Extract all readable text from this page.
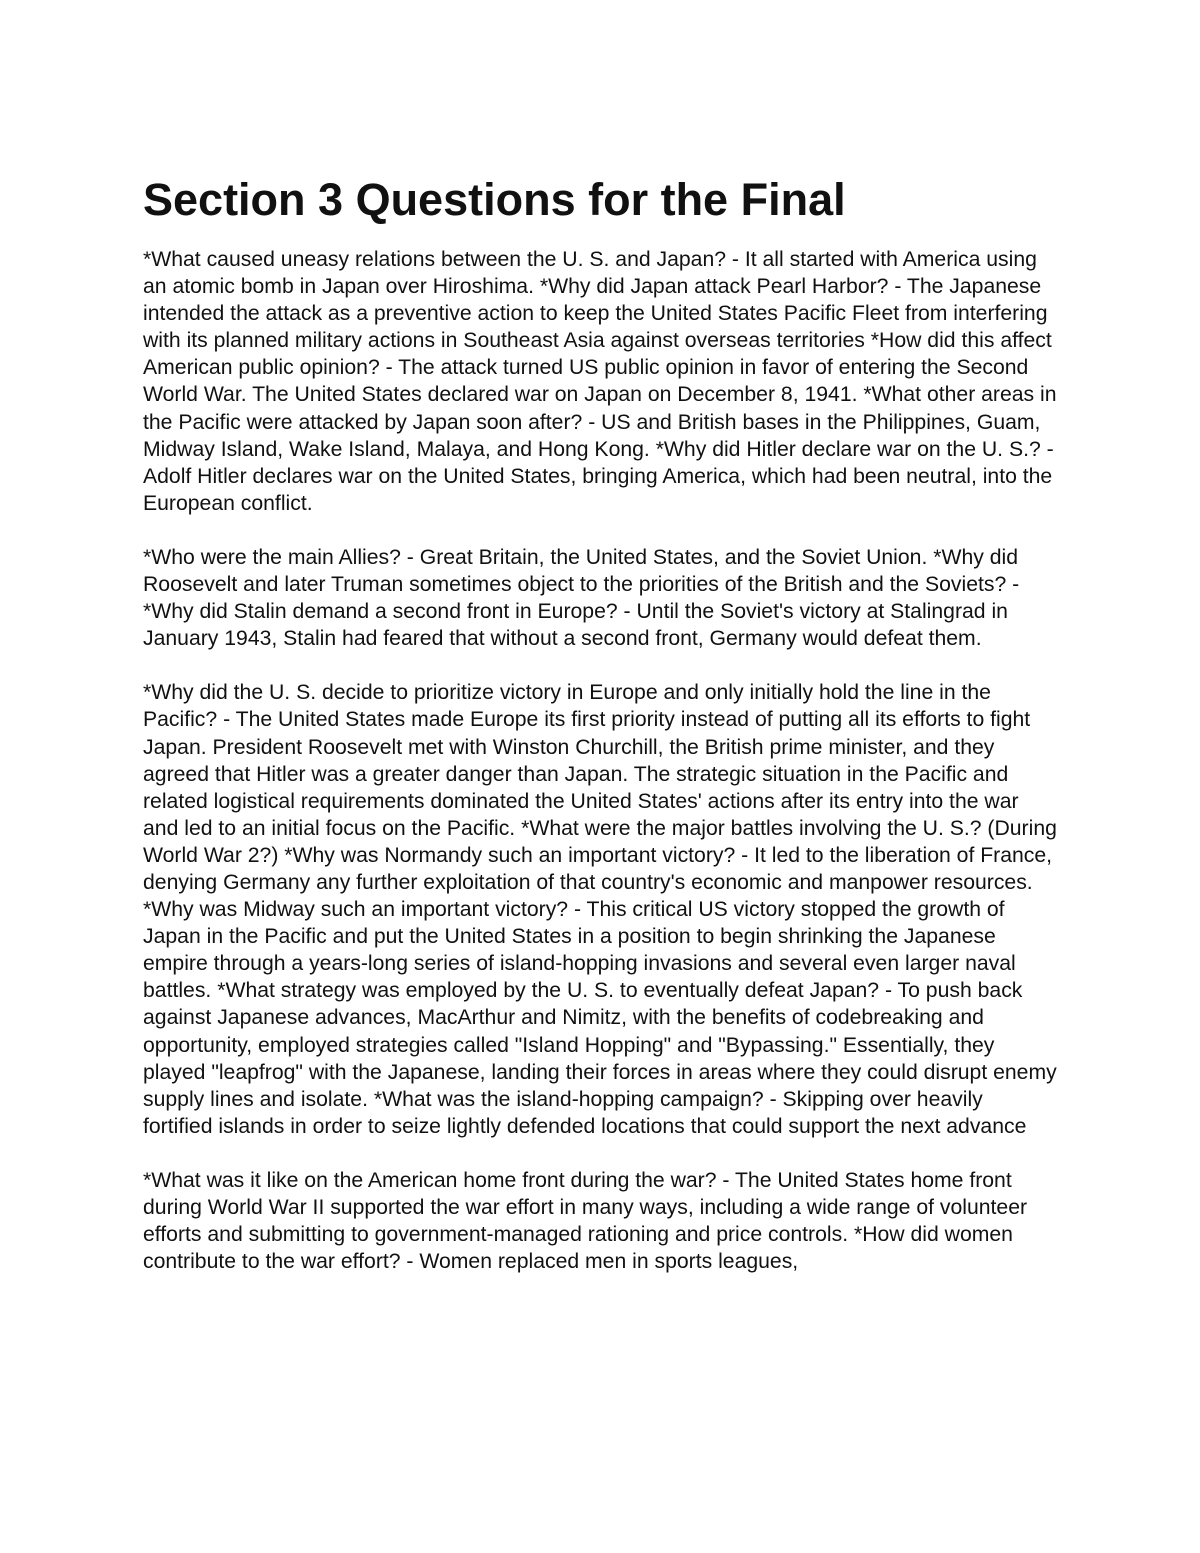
Section 3 Questions for the Final

*What caused uneasy relations between the U. S. and Japan? - It all started with America using an atomic bomb in Japan over Hiroshima. *Why did Japan attack Pearl Harbor? - The Japanese intended the attack as a preventive action to keep the United States Pacific Fleet from interfering with its planned military actions in Southeast Asia against overseas territories *How did this affect American public opinion? - The attack turned US public opinion in favor of entering the Second World War. The United States declared war on Japan on December 8, 1941. *What other areas in the Pacific were attacked by Japan soon after? - US and British bases in the Philippines, Guam, Midway Island, Wake Island, Malaya, and Hong Kong. *Why did Hitler declare war on the U. S.? - Adolf Hitler declares war on the United States, bringing America, which had been neutral, into the European conflict.

*Who were the main Allies? - Great Britain, the United States, and the Soviet Union. *Why did Roosevelt and later Truman sometimes object to the priorities of the British and the Soviets? - *Why did Stalin demand a second front in Europe? - Until the Soviet's victory at Stalingrad in January 1943, Stalin had feared that without a second front, Germany would defeat them.

*Why did the U. S. decide to prioritize victory in Europe and only initially hold the line in the Pacific? - The United States made Europe its first priority instead of putting all its efforts to fight Japan. President Roosevelt met with Winston Churchill, the British prime minister, and they agreed that Hitler was a greater danger than Japan. The strategic situation in the Pacific and related logistical requirements dominated the United States' actions after its entry into the war and led to an initial focus on the Pacific. *What were the major battles involving the U. S.? (During World War 2?) *Why was Normandy such an important victory? - It led to the liberation of France, denying Germany any further exploitation of that country's economic and manpower resources. *Why was Midway such an important victory? - This critical US victory stopped the growth of Japan in the Pacific and put the United States in a position to begin shrinking the Japanese empire through a years-long series of island-hopping invasions and several even larger naval battles. *What strategy was employed by the U. S. to eventually defeat Japan? - To push back against Japanese advances, MacArthur and Nimitz, with the benefits of codebreaking and opportunity, employed strategies called "Island Hopping" and "Bypassing." Essentially, they played "leapfrog" with the Japanese, landing their forces in areas where they could disrupt enemy supply lines and isolate. *What was the island-hopping campaign? - Skipping over heavily fortified islands in order to seize lightly defended locations that could support the next advance

*What was it like on the American home front during the war? - The United States home front during World War II supported the war effort in many ways, including a wide range of volunteer efforts and submitting to government-managed rationing and price controls. *How did women contribute to the war effort? - Women replaced men in sports leagues,
